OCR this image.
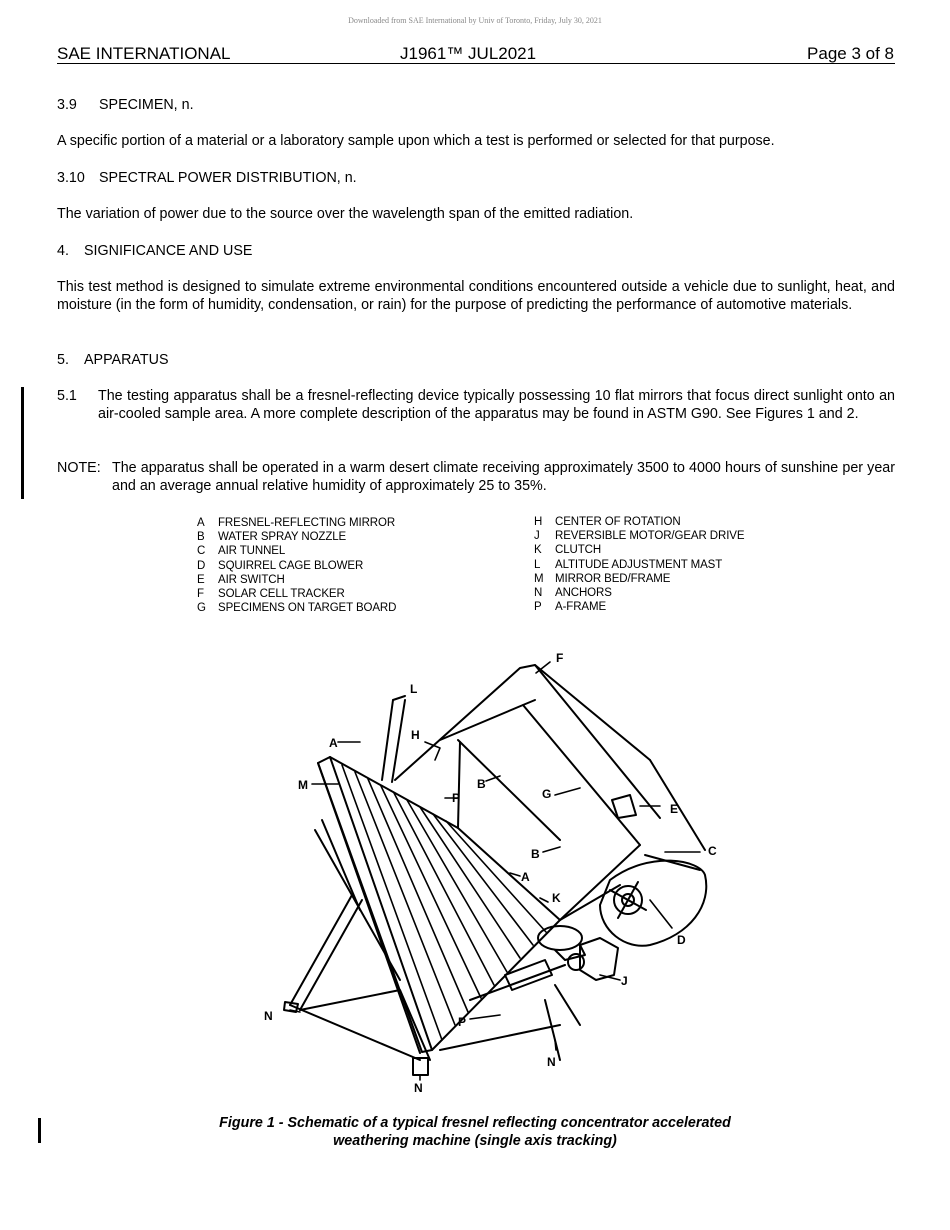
Downloaded from SAE International by Univ of Toronto, Friday, July 30, 2021
SAE INTERNATIONAL	J1961™ JUL2021	Page 3 of 8
3.9 SPECIMEN, n.
A specific portion of a material or a laboratory sample upon which a test is performed or selected for that purpose.
3.10 SPECTRAL POWER DISTRIBUTION, n.
The variation of power due to the source over the wavelength span of the emitted radiation.
4. SIGNIFICANCE AND USE
This test method is designed to simulate extreme environmental conditions encountered outside a vehicle due to sunlight, heat, and moisture (in the form of humidity, condensation, or rain) for the purpose of predicting the performance of automotive materials.
5. APPARATUS
5.1 The testing apparatus shall be a fresnel-reflecting device typically possessing 10 flat mirrors that focus direct sunlight onto an air-cooled sample area. A more complete description of the apparatus may be found in ASTM G90. See Figures 1 and 2.
NOTE: The apparatus shall be operated in a warm desert climate receiving approximately 3500 to 4000 hours of sunshine per year and an average annual relative humidity of approximately 25 to 35%.
A	FRESNEL-REFLECTING MIRROR
B	WATER SPRAY NOZZLE
C	AIR TUNNEL
D	SQUIRREL CAGE BLOWER
E	AIR SWITCH
F	SOLAR CELL TRACKER
G	SPECIMENS ON TARGET BOARD
H	CENTER OF ROTATION
J	REVERSIBLE MOTOR/GEAR DRIVE
K	CLUTCH
L	ALTITUDE ADJUSTMENT MAST
M	MIRROR BED/FRAME
N	ANCHORS
P	A-FRAME
F
L
H
A
M
P
B
G
E
C
B
A
K
D
J
N	P
N
N
Figure 1 - Schematic of a typical fresnel reflecting concentrator accelerated
weathering machine (single axis tracking)
